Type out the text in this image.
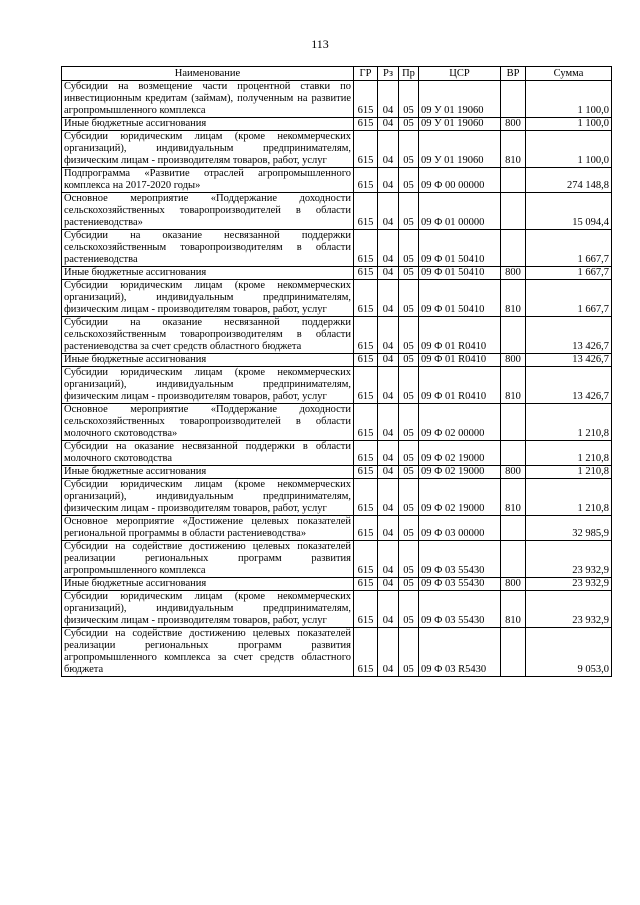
113
Наименование	ГР	Рз	Пр	ЦСР	ВР	Сумма
Субсидии на возмещение части процентной ставки по инвестиционным кредитам (займам), полученным на развитие агропромышленного комплекса	615	04	05	09 У 01 19060		1 100,0
Иные бюджетные ассигнования	615	04	05	09 У 01 19060	800	1 100,0
Субсидии юридическим лицам (кроме некоммерческих организаций), индивидуальным предпринимателям, физическим лицам - производителям товаров, работ, услуг	615	04	05	09 У 01 19060	810	1 100,0
Подпрограмма «Развитие отраслей агропромышленного комплекса на 2017-2020 годы»	615	04	05	09 Ф 00 00000		274 148,8
Основное мероприятие «Поддержание доходности сельскохозяйственных товаропроизводителей в области растениеводства»	615	04	05	09 Ф 01 00000		15 094,4
Субсидии на оказание несвязанной поддержки сельскохозяйственным товаропроизводителям в области растениеводства	615	04	05	09 Ф 01 50410		1 667,7
Иные бюджетные ассигнования	615	04	05	09 Ф 01 50410	800	1 667,7
Субсидии юридическим лицам (кроме некоммерческих организаций), индивидуальным предпринимателям, физическим лицам - производителям товаров, работ, услуг	615	04	05	09 Ф 01 50410	810	1 667,7
Субсидии на оказание несвязанной поддержки сельскохозяйственным товаропроизводителям в области растениеводства за счет средств областного бюджета	615	04	05	09 Ф 01 R0410		13 426,7
Иные бюджетные ассигнования	615	04	05	09 Ф 01 R0410	800	13 426,7
Субсидии юридическим лицам (кроме некоммерческих организаций), индивидуальным предпринимателям, физическим лицам - производителям товаров, работ, услуг	615	04	05	09 Ф 01 R0410	810	13 426,7
Основное мероприятие «Поддержание доходности сельскохозяйственных товаропроизводителей в области молочного скотоводства»	615	04	05	09 Ф 02 00000		1 210,8
Субсидии на оказание несвязанной поддержки в области молочного скотоводства	615	04	05	09 Ф 02 19000		1 210,8
Иные бюджетные ассигнования	615	04	05	09 Ф 02 19000	800	1 210,8
Субсидии юридическим лицам (кроме некоммерческих организаций), индивидуальным предпринимателям, физическим лицам - производителям товаров, работ, услуг	615	04	05	09 Ф 02 19000	810	1 210,8
Основное мероприятие «Достижение целевых показателей региональной программы в области растениеводства»	615	04	05	09 Ф 03 00000		32 985,9
Субсидии на содействие достижению целевых показателей реализации региональных программ развития агропромышленного комплекса	615	04	05	09 Ф 03 55430		23 932,9
Иные бюджетные ассигнования	615	04	05	09 Ф 03 55430	800	23 932,9
Субсидии юридическим лицам (кроме некоммерческих организаций), индивидуальным предпринимателям, физическим лицам - производителям товаров, работ, услуг	615	04	05	09 Ф 03 55430	810	23 932,9
Субсидии на содействие достижению целевых показателей реализации региональных программ развития агропромышленного комплекса за счет средств областного бюджета	615	04	05	09 Ф 03 R5430		9 053,0
